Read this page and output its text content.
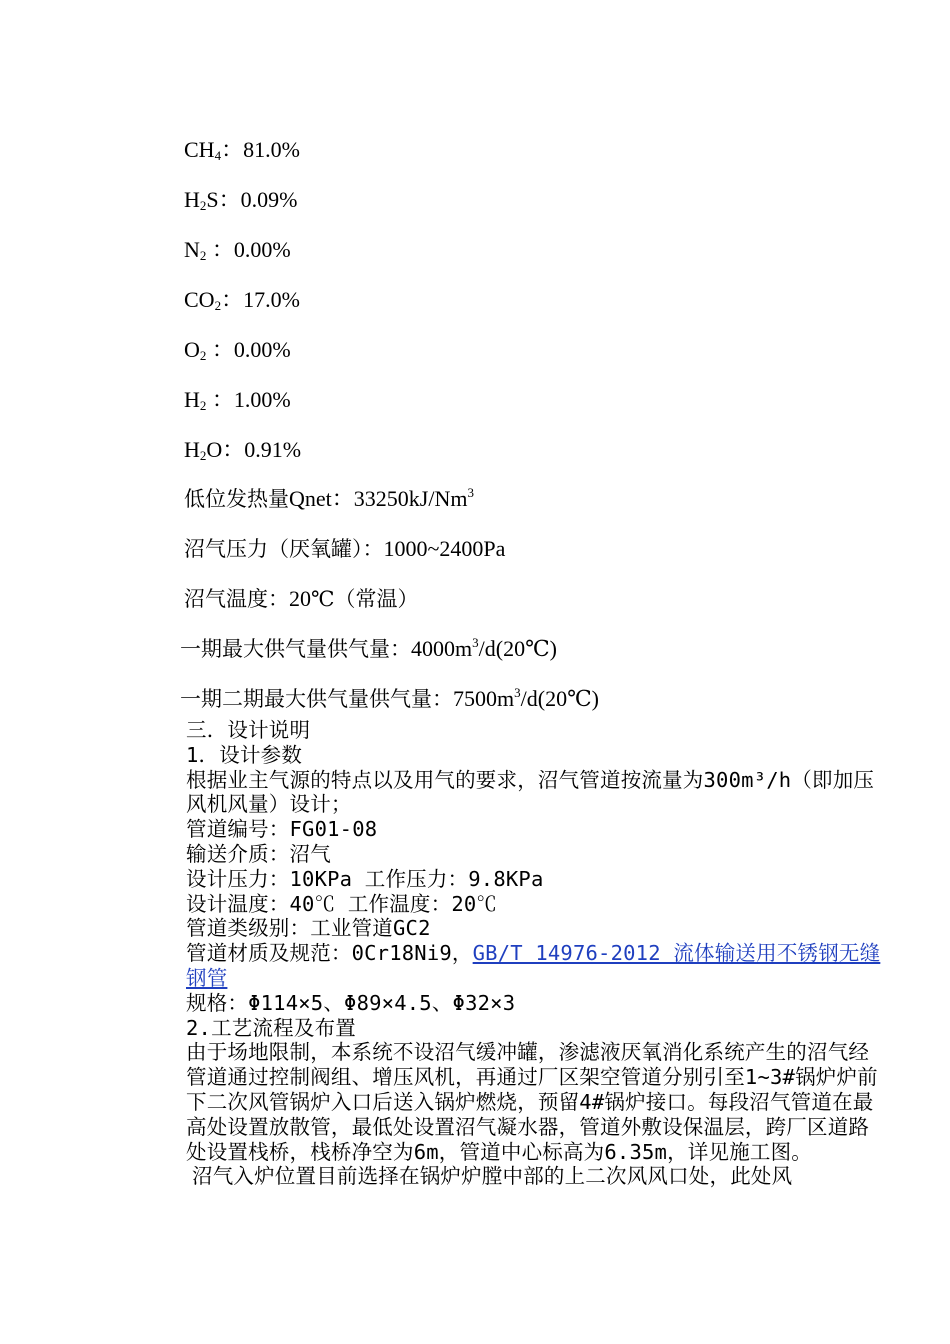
$CH_4$：81.0%
$H_2S$：0.09%
$N_2$ ：0.00%
$CO_2$：17.0%
$O_2$ ：0.00%
$H_2$ ：1.00%
$H_2O$：0.91%
低位发热量Qnet：33250kJ/Nm$^3$
沼气压力（厌氧罐）：1000~2400Pa
沼气温度：20℃（常温）
一期最大供气量供气量：$4000m^3/d(20℃)$
一期二期最大供气量供气量：$7500m^3/d(20℃)$

三．设计说明

1．设计参数

根据业主气源的特点以及用气的要求，沼气管道按流量为300m³/h（即加压风机风量）设计；

管道编号：FG01-08

输送介质：沼气

设计压力：10KPa 工作压力：9.8KPa

设计温度：40℃ 工作温度：20℃

管道类级别：工业管道GC2

管道材质及规范：0Cr18Ni9，GB/T 14976-2012 流体输送用不锈钢无缝钢管

规格：Φ114×5、Φ89×4.5、Φ32×3

2.工艺流程及布置

由于场地限制，本系统不设沼气缓冲罐，渗滤液厌氧消化系统产生的沼气经管道通过控制阀组、增压风机，再通过厂区架空管道分别引至1~3#锅炉炉前下二次风管锅炉入口后送入锅炉燃烧，预留4#锅炉接口。每段沼气管道在最高处设置放散管，最低处设置沼气凝水器，管道外敷设保温层，跨厂区道路处设置栈桥，栈桥净空为6m，管道中心标高为6.35m，详见施工图。

沼气入炉位置目前选择在锅炉炉膛中部的上二次风风口处，此处风
